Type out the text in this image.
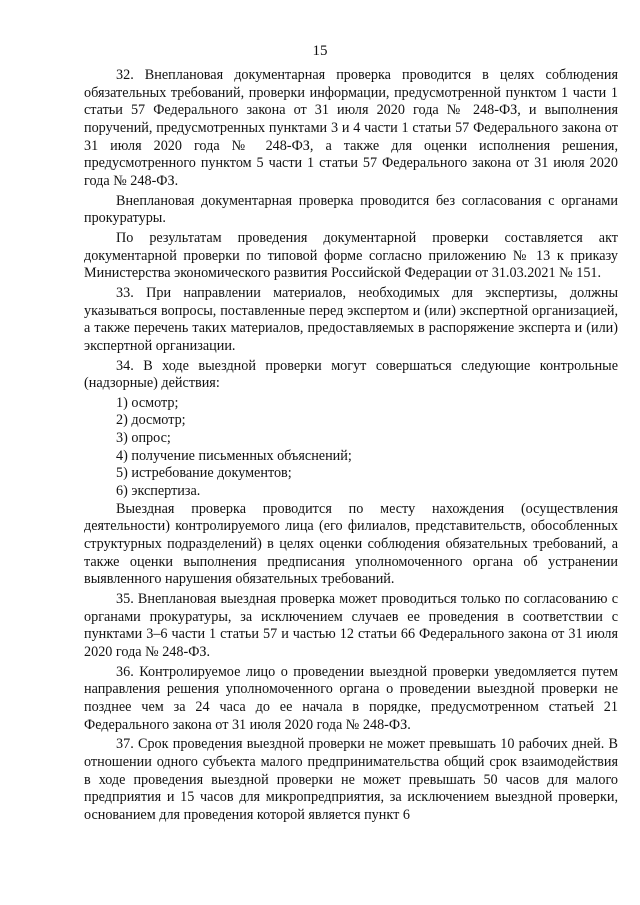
15

32. Внеплановая документарная проверка проводится в целях соблюдения обязательных требований, проверки информации, предусмотренной пунктом 1 части 1 статьи 57 Федерального закона от 31 июля 2020 года № 248-ФЗ, и выполнения поручений, предусмотренных пунктами 3 и 4 части 1 статьи 57 Федерального закона от 31 июля 2020 года № 248-ФЗ, а также для оценки исполнения решения, предусмотренного пунктом 5 части 1 статьи 57 Федерального закона от 31 июля 2020 года № 248-ФЗ.

Внеплановая документарная проверка проводится без согласования с органами прокуратуры.

По результатам проведения документарной проверки составляется акт документарной проверки по типовой форме согласно приложению № 13 к приказу Министерства экономического развития Российской Федерации от 31.03.2021 № 151.

33. При направлении материалов, необходимых для экспертизы, должны указываться вопросы, поставленные перед экспертом и (или) экспертной организацией, а также перечень таких материалов, предоставляемых в распоряжение эксперта и (или) экспертной организации.

34. В ходе выездной проверки могут совершаться следующие контрольные (надзорные) действия:

1) осмотр;

2) досмотр;

3) опрос;

4) получение письменных объяснений;

5) истребование документов;

6) экспертиза.

Выездная проверка проводится по месту нахождения (осуществления деятельности) контролируемого лица (его филиалов, представительств, обособленных структурных подразделений) в целях оценки соблюдения обязательных требований, а также оценки выполнения предписания уполномоченного органа об устранении выявленного нарушения обязательных требований.

35. Внеплановая выездная проверка может проводиться только по согласованию с органами прокуратуры, за исключением случаев ее проведения в соответствии с пунктами 3–6 части 1 статьи 57 и частью 12 статьи 66 Федерального закона от 31 июля 2020 года № 248-ФЗ.

36. Контролируемое лицо о проведении выездной проверки уведомляется путем направления решения уполномоченного органа о проведении выездной проверки не позднее чем за 24 часа до ее начала в порядке, предусмотренном статьей 21 Федерального закона от 31 июля 2020 года № 248-ФЗ.

37. Срок проведения выездной проверки не может превышать 10 рабочих дней. В отношении одного субъекта малого предпринимательства общий срок взаимодействия в ходе проведения выездной проверки не может превышать 50 часов для малого предприятия и 15 часов для микропредприятия, за исключением выездной проверки, основанием для проведения которой является пункт 6
